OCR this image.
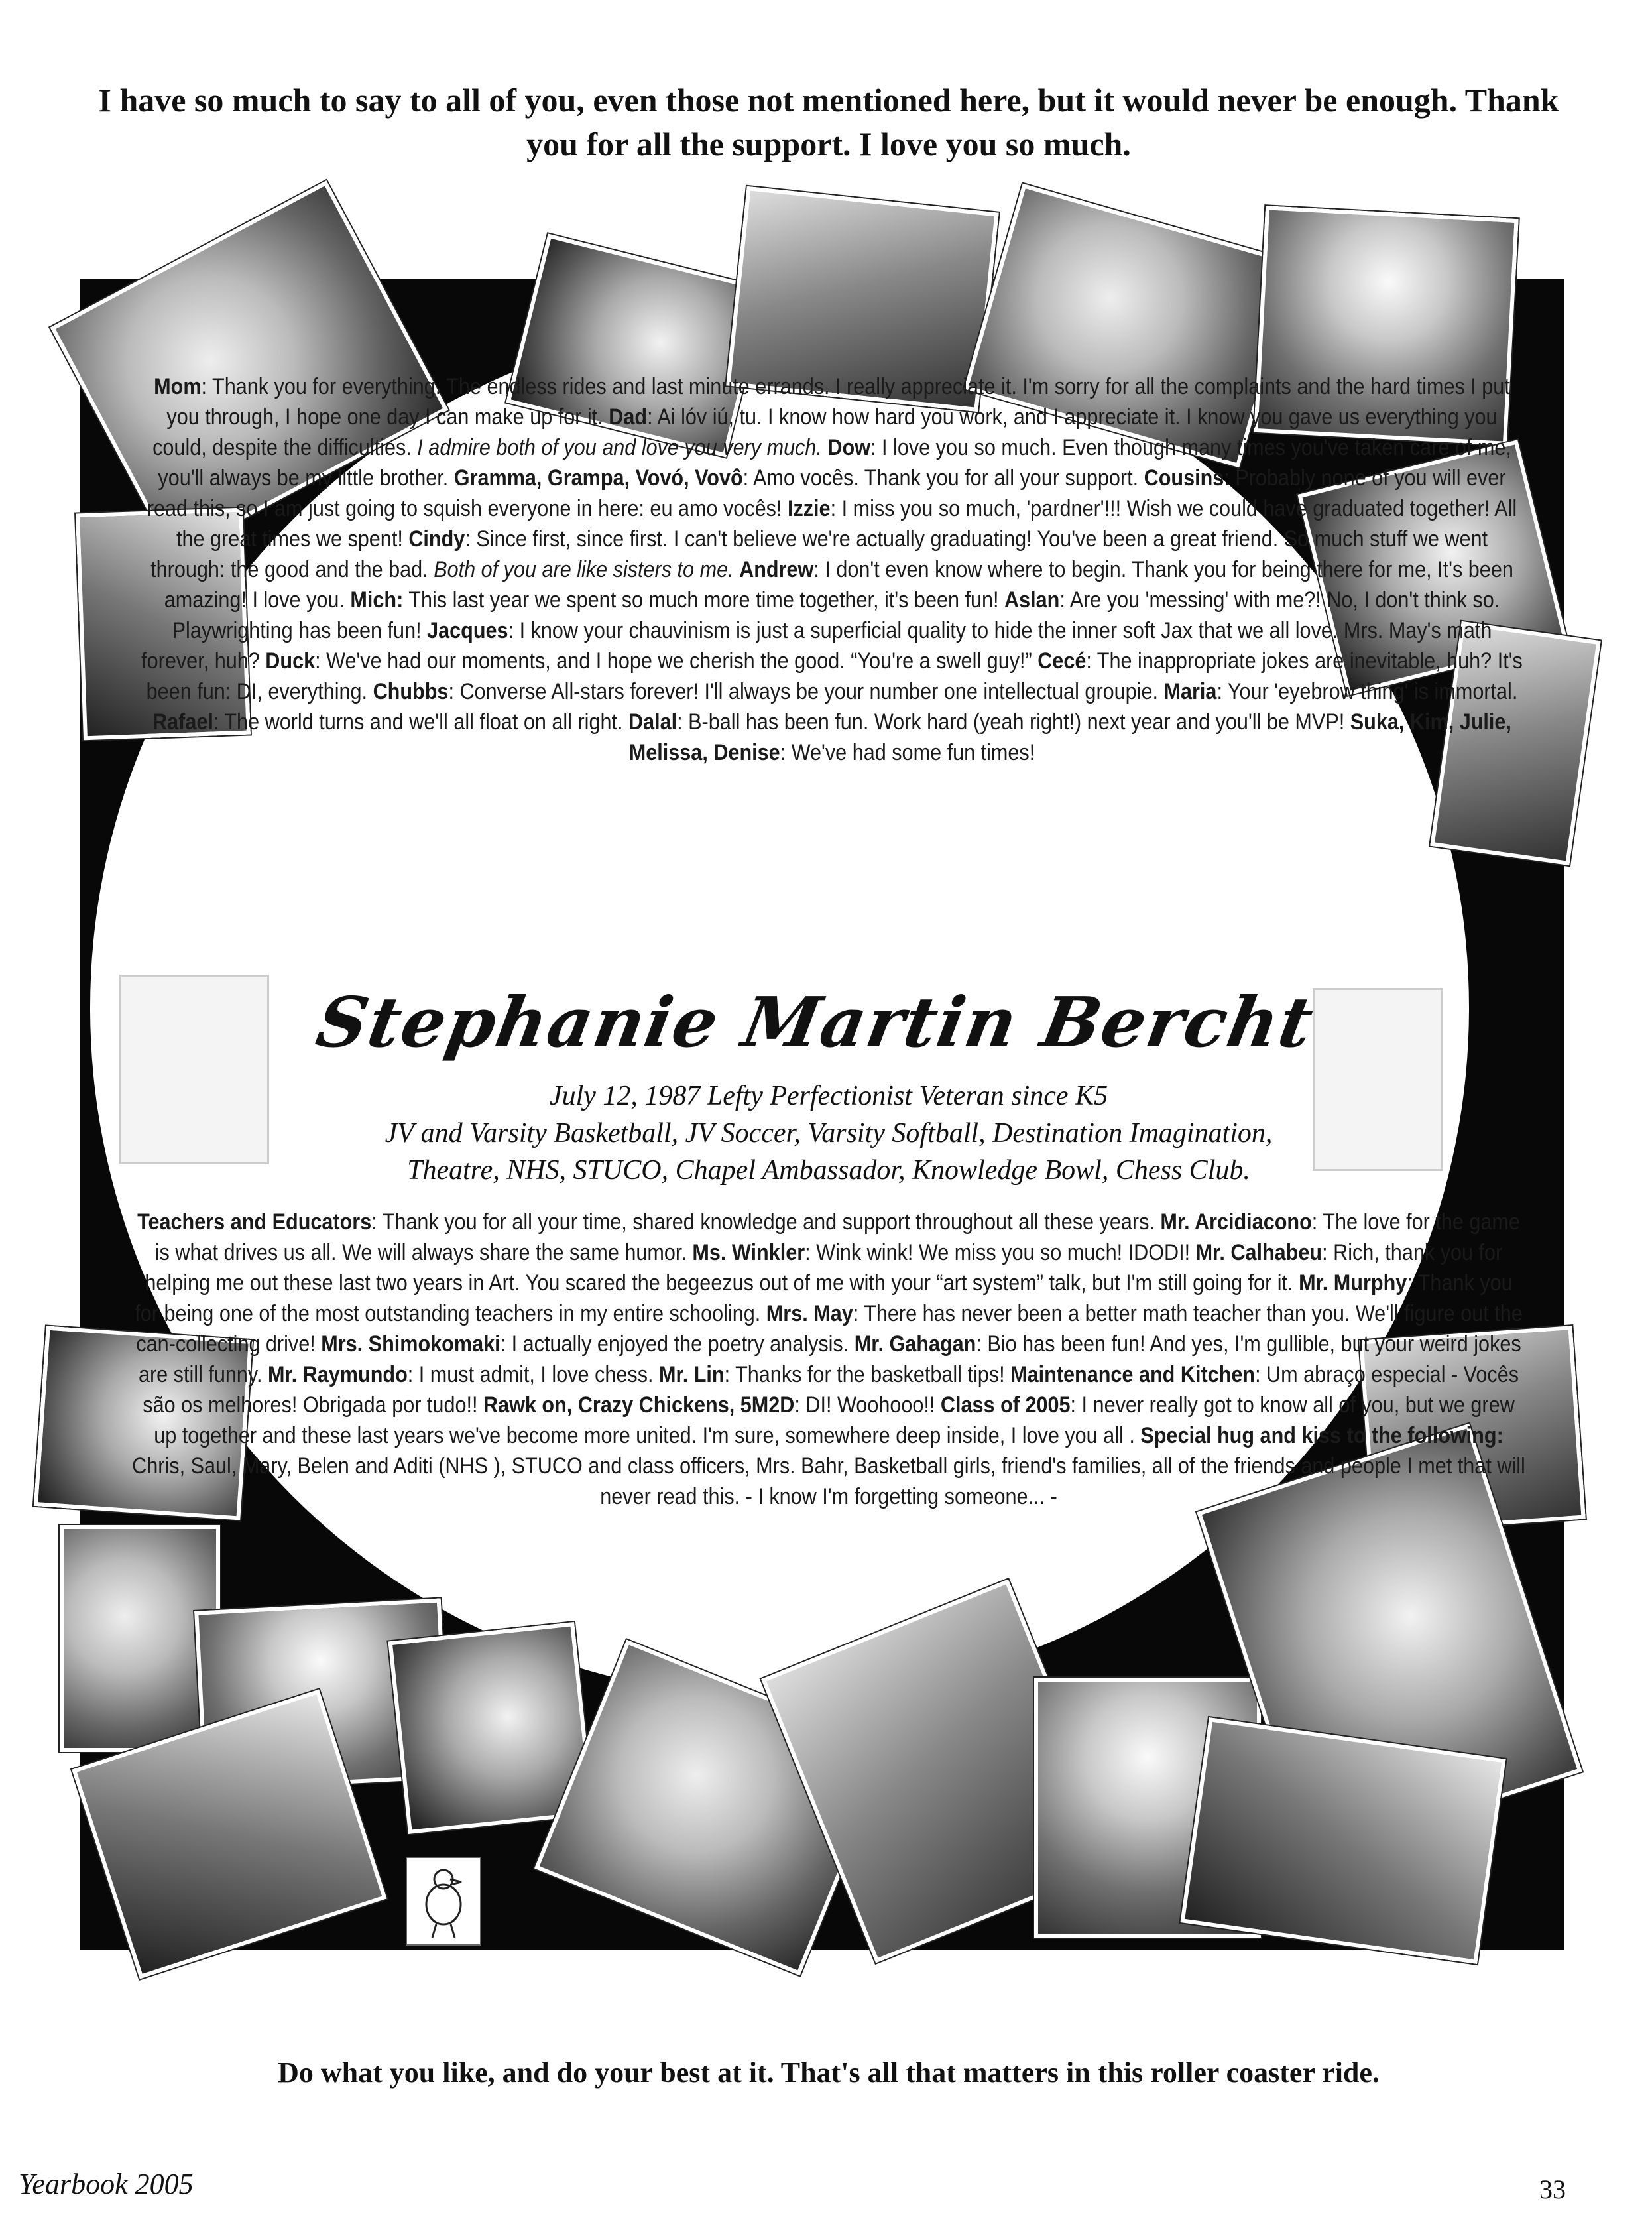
I have so much to say to all of you, even those not mentioned here, but it would never be enough. Thank you for all the support. I love you so much.
Mom: Thank you for everything. The endless rides and last minute errands. I really appreciate it. I'm sorry for all the complaints and the hard times I put you through, I hope one day I can make up for it. Dad: Ai lóv iú, tu. I know how hard you work, and I appreciate it. I know you gave us everything you could, despite the difficulties. I admire both of you and love you very much. Dow: I love you so much. Even though many times you've taken care of me, you'll always be my little brother. Gramma, Grampa, Vovó, Vovô: Amo vocês. Thank you for all your support. Cousins: Probably none of you will ever read this, so I am just going to squish everyone in here: eu amo vocês! Izzie: I miss you so much, 'pardner'!!! Wish we could have graduated together! All the great times we spent! Cindy: Since first, since first. I can't believe we're actually graduating! You've been a great friend. So much stuff we went through: the good and the bad. Both of you are like sisters to me. Andrew: I don't even know where to begin. Thank you for being there for me, It's been amazing! I love you. Mich: This last year we spent so much more time together, it's been fun! Aslan: Are you 'messing' with me?! No, I don't think so. Playwrighting has been fun! Jacques: I know your chauvinism is just a superficial quality to hide the inner soft Jax that we all love. Mrs. May's math forever, huh? Duck: We've had our moments, and I hope we cherish the good. “You're a swell guy!” Cecé: The inappropriate jokes are inevitable, huh? It's been fun: DI, everything. Chubbs: Converse All-stars forever! I'll always be your number one intellectual groupie. Maria: Your 'eyebrow thing' is immortal. Rafael: The world turns and we'll all float on all right. Dalal: B-ball has been fun. Work hard (yeah right!) next year and you'll be MVP! Suka, Kim, Julie, Melissa, Denise: We've had some fun times!
Stephanie Martin Bercht
July 12, 1987 Lefty Perfectionist Veteran since K5
JV and Varsity Basketball, JV Soccer, Varsity Softball, Destination Imagination,
Theatre, NHS, STUCO, Chapel Ambassador, Knowledge Bowl, Chess Club.
Teachers and Educators: Thank you for all your time, shared knowledge and support throughout all these years. Mr. Arcidiacono: The love for the game is what drives us all. We will always share the same humor. Ms. Winkler: Wink wink! We miss you so much! IDODI! Mr. Calhabeu: Rich, thank you for helping me out these last two years in Art. You scared the begeezus out of me with your “art system” talk, but I'm still going for it. Mr. Murphy: Thank you for being one of the most outstanding teachers in my entire schooling. Mrs. May: There has never been a better math teacher than you. We'll figure out the can-collecting drive! Mrs. Shimokomaki: I actually enjoyed the poetry analysis. Mr. Gahagan: Bio has been fun! And yes, I'm gullible, but your weird jokes are still funny. Mr. Raymundo: I must admit, I love chess. Mr. Lin: Thanks for the basketball tips! Maintenance and Kitchen: Um abraço especial - Vocês são os melhores! Obrigada por tudo!! Rawk on, Crazy Chickens, 5M2D: DI! Woohooo!! Class of 2005: I never really got to know all of you, but we grew up together and these last years we've become more united. I'm sure, somewhere deep inside, I love you all . Special hug and kiss to the following: Chris, Saul, Mary, Belen and Aditi (NHS ), STUCO and class officers, Mrs. Bahr, Basketball girls, friend's families, all of the friends and people I met that will never read this. - I know I'm forgetting someone... -
Do what you like, and do your best at it. That's all that matters in this roller coaster ride.
Yearbook 2005	33
